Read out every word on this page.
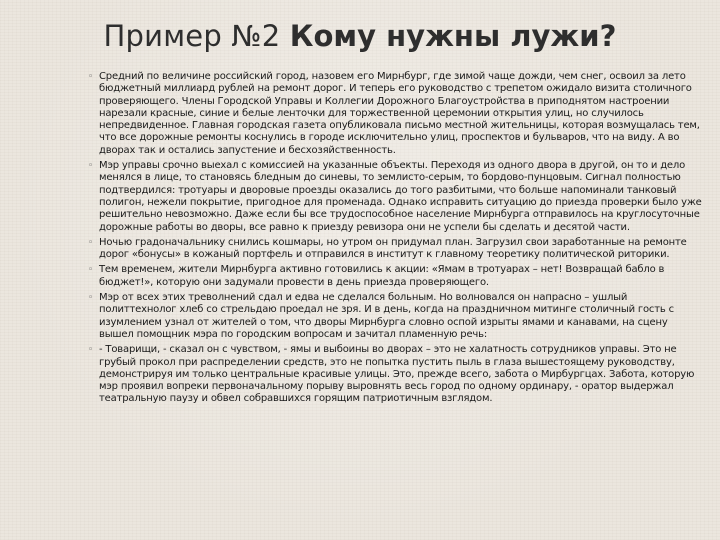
Пример №2 Кому нужны лужи?

◦ Средний по величине российский город, назовем его Мирнбург, где зимой чаще дожди, чем снег, освоил за лето бюджетный миллиард рублей на ремонт дорог. И теперь его руководство с трепетом ожидало визита столичного проверяющего. Члены Городской Управы и Коллегии Дорожного Благоустройства в приподнятом настроении нарезали красные, синие и белые ленточки для торжественной церемонии открытия улиц, но случилось непредвиденное. Главная городская газета опубликовала письмо местной жительницы, которая возмущалась тем, что все дорожные ремонты коснулись в городе исключительно улиц, проспектов и бульваров, что на виду. А во дворах так и остались запустение и бесхозяйственность.

◦ Мэр управы срочно выехал с комиссией на указанные объекты. Переходя из одного двора в другой, он то и дело менялся в лице, то становясь бледным до синевы, то землисто-серым, то бордово-пунцовым. Сигнал полностью подтвердился: тротуары и дворовые проезды оказались до того разбитыми, что больше напоминали танковый полигон, нежели покрытие, пригодное для променада. Однако исправить ситуацию до приезда проверки было уже решительно невозможно. Даже если бы все трудоспособное население Мирнбурга отправилось на круглосуточные дорожные работы во дворы, все равно к приезду ревизора они не успели бы сделать и десятой части.

◦ Ночью градоначальнику снились кошмары, но утром он придумал план. Загрузил свои заработанные на ремонте дорог «бонусы» в кожаный портфель и отправился в институт к главному теоретику политической риторики.

◦ Тем временем, жители Мирнбурга активно готовились к акции: «Ямам в тротуарах – нет! Возвращай бабло в бюджет!», которую они задумали провести в день приезда проверяющего.

◦ Мэр от всех этих треволнений сдал и едва не сделался больным. Но волновался он напрасно – ушлый политтехнолог хлеб со стрельдаю проедал не зря. И в день, когда на праздничном митинге столичный гость с изумлением узнал от жителей о том, что дворы Мирнбурга словно оспой изрыты ямами и канавами, на сцену вышел помощник мэра по городским вопросам и зачитал пламенную речь:

◦ - Товарищи, - сказал он с чувством, - ямы и выбоины во дворах – это не халатность сотрудников управы. Это не грубый прокол при распределении средств, это не попытка пустить пыль в глаза вышестоящему руководству, демонстрируя им только центральные красивые улицы. Это, прежде всего, забота о Мирбургцах. Забота, которую мэр проявил вопреки первоначальному порыву выровнять весь город по одному ординару, - оратор выдержал театральную паузу и обвел собравшихся горящим патриотичным взглядом.
